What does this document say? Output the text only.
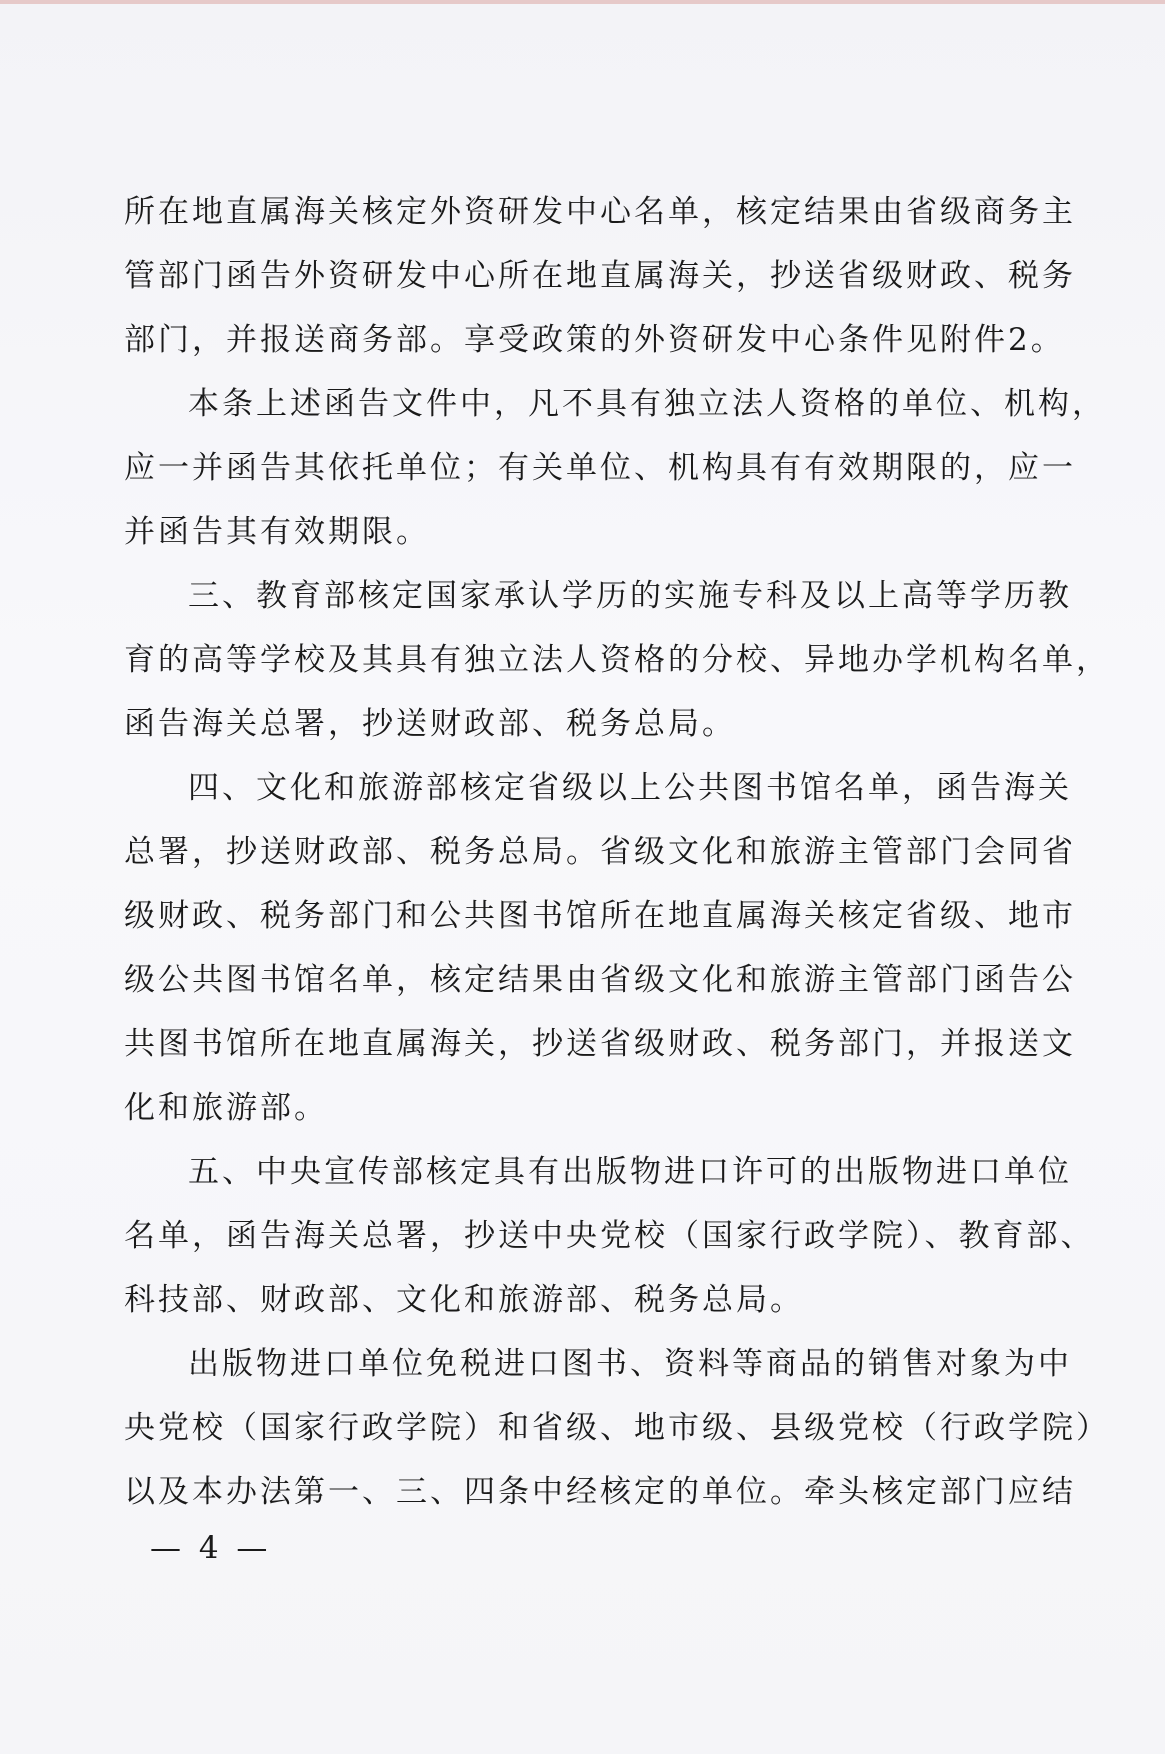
所在地直属海关核定外资研发中心名单，核定结果由省级商务主
管部门函告外资研发中心所在地直属海关，抄送省级财政、税务
部门，并报送商务部。享受政策的外资研发中心条件见附件2。
本条上述函告文件中，凡不具有独立法人资格的单位、机构，
应一并函告其依托单位；有关单位、机构具有有效期限的，应一
并函告其有效期限。
三、教育部核定国家承认学历的实施专科及以上高等学历教
育的高等学校及其具有独立法人资格的分校、异地办学机构名单，
函告海关总署，抄送财政部、税务总局。
四、文化和旅游部核定省级以上公共图书馆名单，函告海关
总署，抄送财政部、税务总局。省级文化和旅游主管部门会同省
级财政、税务部门和公共图书馆所在地直属海关核定省级、地市
级公共图书馆名单，核定结果由省级文化和旅游主管部门函告公
共图书馆所在地直属海关，抄送省级财政、税务部门，并报送文
化和旅游部。
五、中央宣传部核定具有出版物进口许可的出版物进口单位
名单，函告海关总署，抄送中央党校（国家行政学院）、教育部、
科技部、财政部、文化和旅游部、税务总局。
出版物进口单位免税进口图书、资料等商品的销售对象为中
央党校（国家行政学院）和省级、地市级、县级党校（行政学院）
以及本办法第一、三、四条中经核定的单位。牵头核定部门应结
— 4 —
